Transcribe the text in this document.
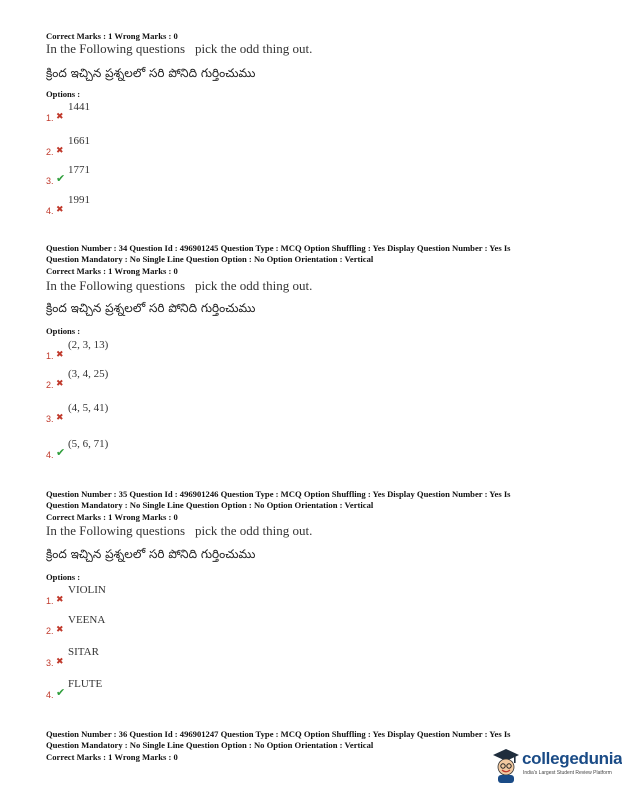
Correct Marks : 1 Wrong Marks : 0
In the Following questions pick the odd thing out.
క్రింద ఇచ్చిన ప్రశ్నలలో సరి పోనిది గుర్తించుము
Options :
1. ✖
1441
2. ✖
1661
3. ✔
1771
4. ✖
1991
Question Number : 34 Question Id : 496901245 Question Type : MCQ Option Shuffling : Yes Display Question Number : Yes Is
Question Mandatory : No Single Line Question Option : No Option Orientation : Vertical
Correct Marks : 1 Wrong Marks : 0
In the Following questions pick the odd thing out.
క్రింద ఇచ్చిన ప్రశ్నలలో సరి పోనిది గుర్తించుము
Options :
1. ✖
(2, 3, 13)
2. ✖
(3, 4, 25)
3. ✖
(4, 5, 41)
4. ✔
(5, 6, 71)
Question Number : 35 Question Id : 496901246 Question Type : MCQ Option Shuffling : Yes Display Question Number : Yes Is
Question Mandatory : No Single Line Question Option : No Option Orientation : Vertical
Correct Marks : 1 Wrong Marks : 0
In the Following questions pick the odd thing out.
క్రింద ఇచ్చిన ప్రశ్నలలో సరి పోనిది గుర్తించుము
Options :
1. ✖
VIOLIN
2. ✖
VEENA
3. ✖
SITAR
4. ✔
FLUTE
Question Number : 36 Question Id : 496901247 Question Type : MCQ Option Shuffling : Yes Display Question Number : Yes Is
Question Mandatory : No Single Line Question Option : No Option Orientation : Vertical
Correct Marks : 1 Wrong Marks : 0	collegedunia
India's Largest Student Review Platform
